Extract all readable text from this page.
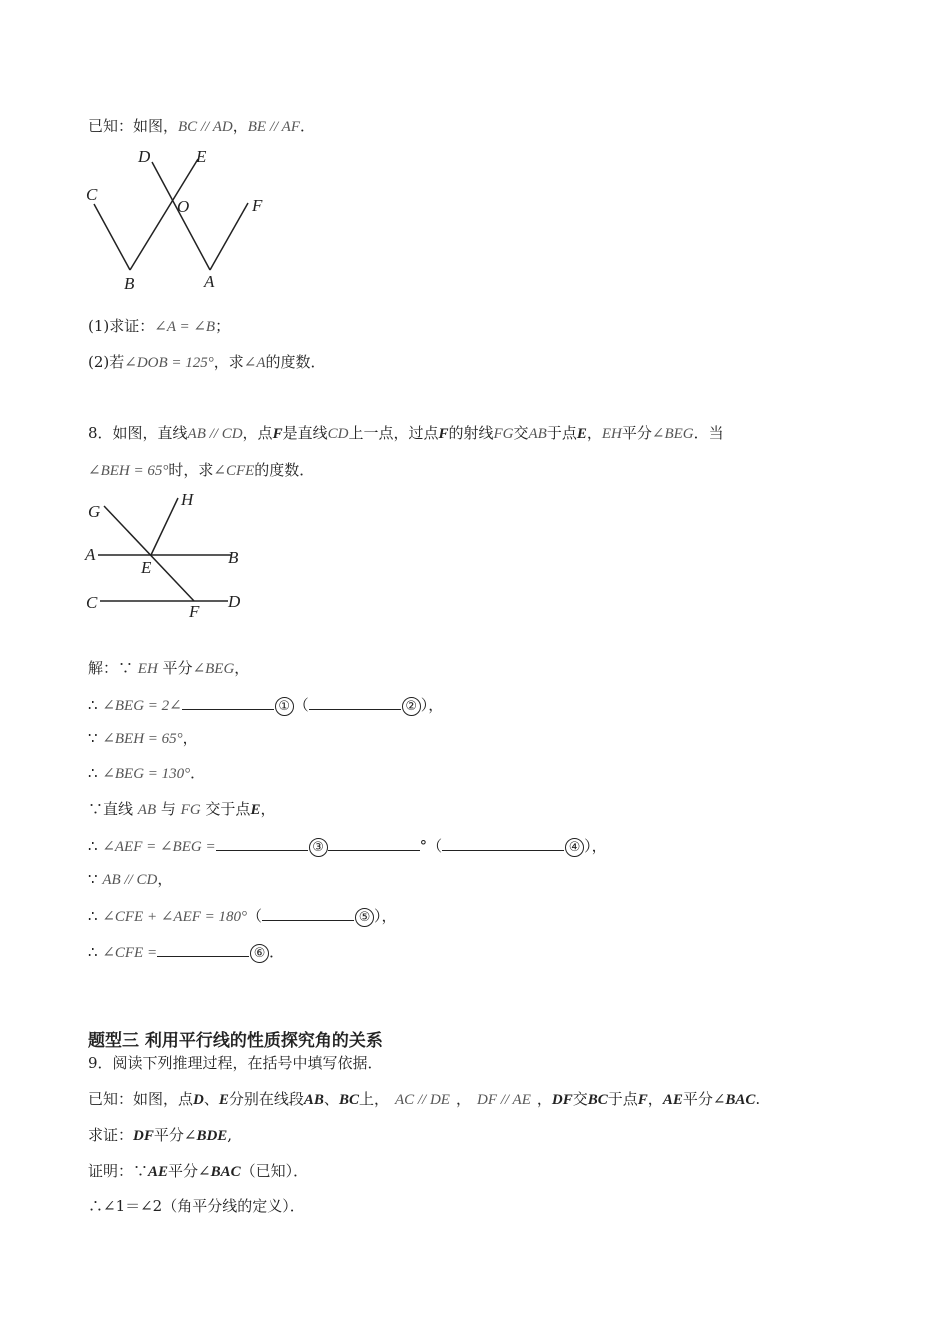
已知：如图，BC // AD，BE // AF．
D	E
C
O	F
B	A
(1)求证：∠A = ∠B；
(2)若∠DOB = 125°，求∠A的度数．
8．如图，直线AB // CD，点F是直线CD上一点，过点F的射线FG交AB于点E，EH平分∠BEG．当
∠BEH = 65°时，求∠CFE的度数．
G
H
A
E
B
C	F
D
解：∵ EH 平分∠BEG，
∴ ∠BEG = 2∠	① （	② ），
∵ ∠BEH = 65°，
∴ ∠BEG = 130°．
∵直线 AB 与 FG 交于点E，
∴ ∠AEF = ∠BEG =	③	°（	④ ），
∵ AB // CD，
∴ ∠CFE + ∠AEF = 180°（	⑤ ），
∴ ∠CFE =	⑥ ．
题型三 利用平行线的性质探究角的关系
9．阅读下列推理过程，在括号中填写依据．
已知：如图，点D、E分别在线段AB、BC上， AC // DE ， DF // AE ，DF交BC于点F，AE平分∠BAC.
求证：DF平分∠BDE,
证明：∵AE平分∠BAC（已知）．
∴∠1＝∠2（角平分线的定义）．
